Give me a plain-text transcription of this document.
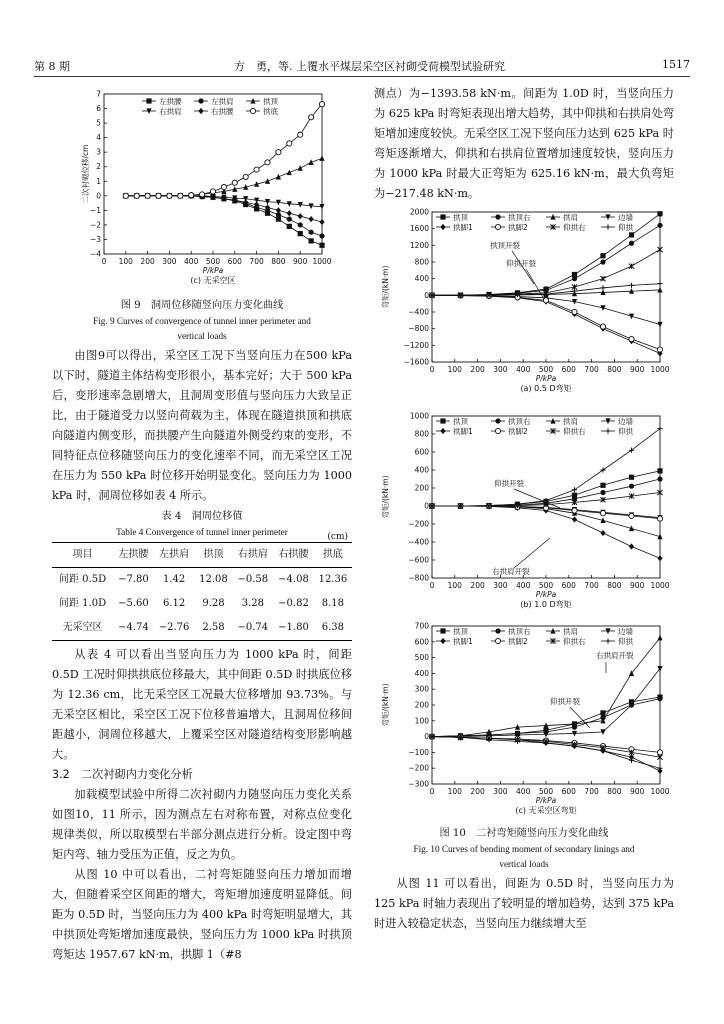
第 8 期	方　勇，等. 上覆水平煤层采空区衬砌受荷模型试验研究	1517
0 100 200 300 400 500 600 700 800 900 1000
7
6
5
4
3
2
1
0
−1
−2
−3
−4
P/kPa
二次衬砌位移/cm
(c) 无采空区
左拱腰	左拱肩	拱顶
右拱肩	右拱腰	拱底

图 9　洞周位移随竖向压力变化曲线

Fig. 9 Curves of convergence of tunnel inner perimeter and

vertical loads

由图9可以得出，采空区工况下当竖向压力在500 kPa 以下时，隧道主体结构变形很小，基本完好；大于 500 kPa 后，变形速率急剧增大，且洞周变形值与竖向压力大致呈正比，由于隧道受力以竖向荷载为主，体现在隧道拱顶和拱底向隧道内侧变形，而拱腰产生向隧道外侧受约束的变形，不同特征点位移随竖向压力的变化速率不同，而无采空区工况在压力为 550 kPa 时位移开始明显变化。竖向压力为 1000 kPa 时，洞周位移如表 4 所示。

表 4　洞周位移值

Table 4 Convergence of tunnel inner perimeter	(cm)

项目	左拱腰	左拱肩	拱顶	右拱肩	右拱腰	拱底
间距 0.5D	−7.80	1.42	12.08	−0.58	−4.08	12.36
间距 1.0D	−5.60	6.12	9.28	3.28	−0.82	8.18
无采空区	−4.74	−2.76	2.58	−0.74	−1.80	6.38

从表 4 可以看出当竖向压力为 1000 kPa 时，间距 0.5D 工况时仰拱拱底位移最大，其中间距 0.5D 时拱底位移为 12.36 cm，比无采空区工况最大位移增加 93.73%。与无采空区相比，采空区工况下位移普遍增大，且洞周位移间距越小，洞周位移越大，上覆采空区对隧道结构变形影响越大。

3.2　二次衬砌内力变化分析

加载模型试验中所得二次衬砌内力随竖向压力变化关系如图10，11 所示，因为测点左右对称布置，对称点位变化规律类似，所以取模型右半部分测点进行分析。设定图中弯矩内弯、轴力受压为正值，反之为负。

从图 10 中可以看出，二衬弯矩随竖向压力增加而增大，但随着采空区间距的增大，弯矩增加速度明显降低。间距为 0.5D 时，当竖向压力为 400 kPa 时弯矩明显增大，其中拱顶处弯矩增加速度最快，竖向压力为 1000 kPa 时拱顶弯矩达 1957.67 kN·m，拱脚 1（#8

测点）为−1393.58 kN·m。间距为 1.0D 时，当竖向压力为 625 kPa 时弯矩表现出增大趋势，其中仰拱和右拱肩处弯矩增加速度较快。无采空区工况下竖向压力达到 625 kPa 时弯矩逐渐增大，仰拱和右拱肩位置增加速度较快，竖向压力为 1000 kPa 时最大正弯矩为 625.16 kN·m，最大负弯矩为−217.48 kN·m。

0 100 200 300 400 500 600 700 800 900 1000
2000
1600
1200
800
400
0
−400
−800
−1200
−1600
P/kPa
弯矩/(kN·m)
(a) 0.5 D弯矩
拱顶	拱顶右	拱肩	边墙
拱脚1	拱脚2	仰拱右	仰拱
拱顶开裂
仰拱开裂
0 100 200 300 400 500 600 700 800 900 1000
1000
800
600
400
200
0
−200
−400
−600
−800
P/kPa
弯矩/(kN·m)
(b) 1.0 D弯矩
拱顶	拱顶右	拱肩	边墙
拱脚1	拱脚2	仰拱右	仰拱
仰拱开裂
右拱肩开裂
0 100 200 300 400 500 600 700 800 900 1000
700
600
500
400
300
200
100
0
−100
−200
−300
P/kPa
弯矩/(kN·m)
(c) 无采空区弯矩
拱顶	拱顶右	拱肩	边墙
拱脚1	拱脚2	仰拱右	仰拱
右拱肩开裂
仰拱开裂

图 10　二衬弯矩随竖向压力变化曲线

Fig. 10 Curves of bending moment of secondary linings and

vertical loads

从图 11 可以看出，间距为 0.5D 时，当竖向压力为 125 kPa 时轴力表现出了较明显的增加趋势，达到 375 kPa 时进入较稳定状态，当竖向压力继续增大至
